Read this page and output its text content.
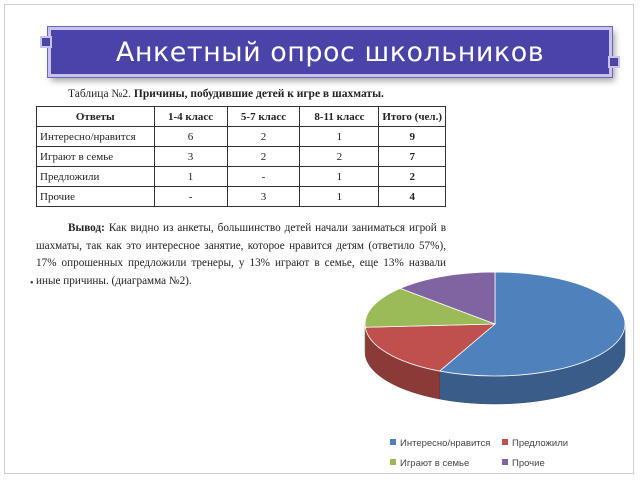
Анкетный опрос школьников
Таблица №2. Причины, побудившие детей к игре в шахматы.
Ответы	1-4 класс	5-7 класс	8-11 класс	Итого (чел.)
Интересно/нравится	6	2	1	9
Играют в семье	3	2	2	7
Предложили	1	-	1	2
Прочие	-	3	1	4
Вывод: Как видно из анкеты, большинство детей начали заниматься игрой в шахматы, так как это интересное занятие, которое нравится детям (ответило 57%), 17% опрошенных предложили тренеры, у 13% играют в семье, еще 13% назвали иные причины. (диаграмма №2).
•
Интересно/нравится	Предложили
Играют в семье	Прочие
